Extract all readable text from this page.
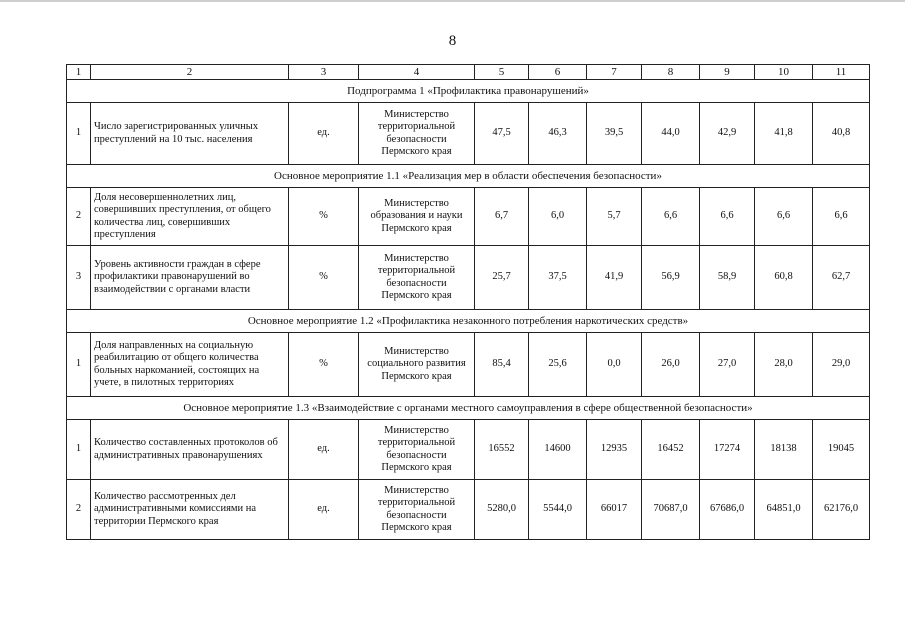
8
1	2	3	4	5	6	7	8	9	10	11
Подпрограмма 1 «Профилактика правонарушений»										
1	Число зарегистрированных уличных преступлений на 10 тыс. населения	ед.	Министерство территориальной безопасности Пермского края	47,5	46,3	39,5	44,0	42,9	41,8	40,8
Основное мероприятие 1.1 «Реализация мер в области обеспечения безопасности»										
2	Доля несовершеннолетних лиц, совершивших преступления, от общего количества лиц, совершивших преступления	%	Министерство образования и науки Пермского края	6,7	6,0	5,7	6,6	6,6	6,6	6,6
3	Уровень активности граждан в сфере профилактики правонарушений во взаимодействии с органами власти	%	Министерство территориальной безопасности Пермского края	25,7	37,5	41,9	56,9	58,9	60,8	62,7
Основное мероприятие 1.2 «Профилактика незаконного потребления наркотических средств»										
1	Доля направленных на социальную реабилитацию от общего количества больных наркоманией, состоящих на учете, в пилотных территориях	%	Министерство социального развития Пермского края	85,4	25,6	0,0	26,0	27,0	28,0	29,0
Основное мероприятие 1.3 «Взаимодействие с органами местного самоуправления в сфере общественной безопасности»										
1	Количество составленных протоколов об административных правонарушениях	ед.	Министерство территориальной безопасности Пермского края	16552	14600	12935	16452	17274	18138	19045
2	Количество рассмотренных дел административными комиссиями на территории Пермского края	ед.	Министерство территориальной безопасности Пермского края	5280,0	5544,0	66017	70687,0	67686,0	64851,0	62176,0
